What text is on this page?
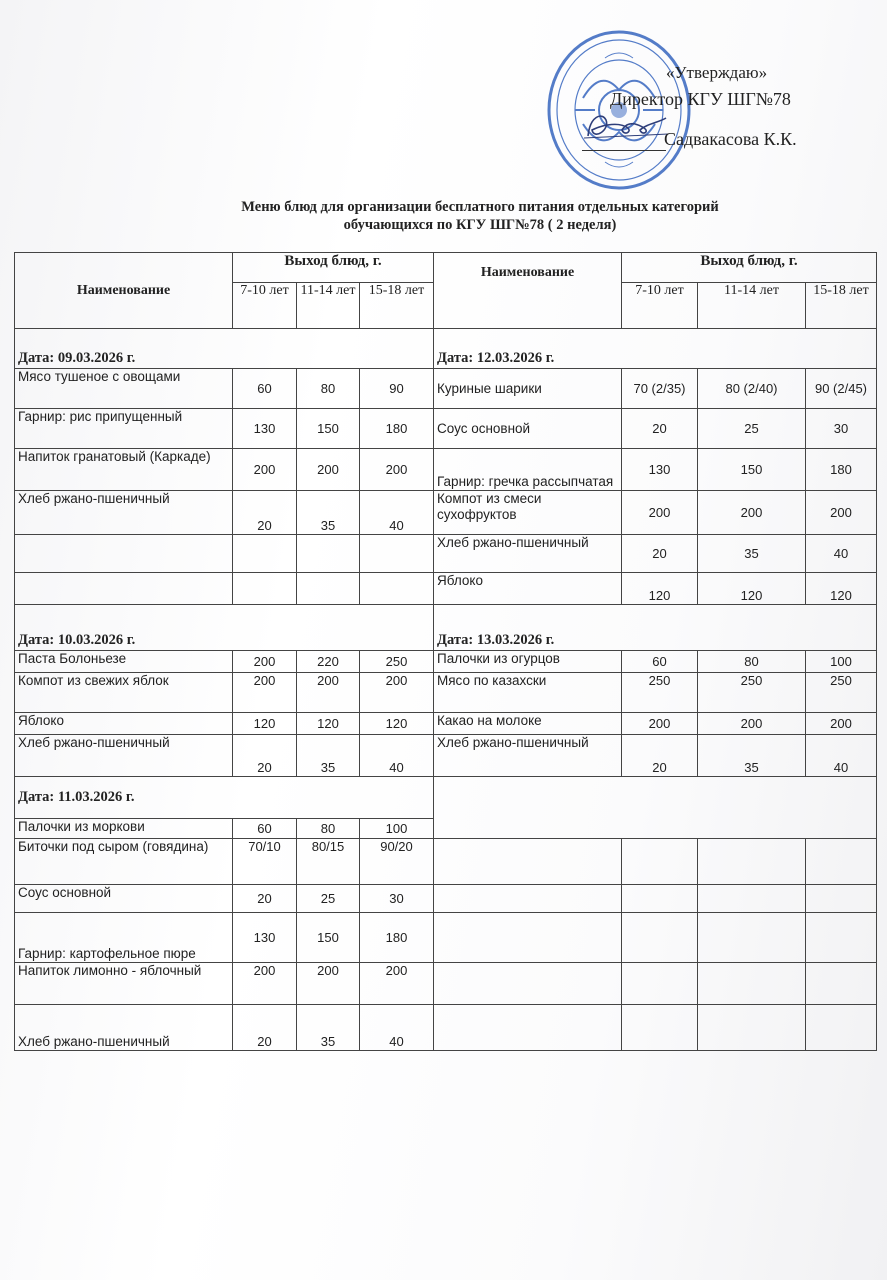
«Утверждаю»
Директор КГУ ШГ№78
Садвакасова К.К.
Меню блюд для организации бесплатного питания отдельных категорий
обучающихся по КГУ ШГ№78 ( 2 неделя)
Наименование	Выход блюд, г.			Наименование	Выход блюд, г.		
	7-10 лет	11-14 лет	15-18 лет		7-10 лет	11-14 лет	15-18 лет
Дата: 09.03.2026 г.				Дата: 12.03.2026 г.			
Мясо тушеное с овощами	60	80	90	Куриные шарики	70 (2/35)	80 (2/40)	90 (2/45)
Гарнир: рис припущенный	130	150	180	Соус основной	20	25	30
Напиток гранатовый (Каркаде)	200	200	200	Гарнир: гречка рассыпчатая	130	150	180
Хлеб ржано-пшеничный	20	35	40	Компот из смеси сухофруктов	200	200	200
				Хлеб ржано-пшеничный	20	35	40
				Яблоко	120	120	120
Дата: 10.03.2026 г.				Дата: 13.03.2026 г.			
Паста Болоньезе	200	220	250	Палочки из огурцов	60	80	100
Компот из свежих яблок	200	200	200	Мясо по казахски	250	250	250
Яблоко	120	120	120	Какао на молоке	200	200	200
Хлеб ржано-пшеничный	20	35	40	Хлеб ржано-пшеничный	20	35	40
Дата: 11.03.2026 г.							
Палочки из моркови	60	80	100				
Биточки под сыром (говядина)	70/10	80/15	90/20				
Соус основной	20	25	30				
Гарнир: картофельное пюре	130	150	180				
Напиток лимонно - яблочный	200	200	200				
Хлеб ржано-пшеничный	20	35	40				
